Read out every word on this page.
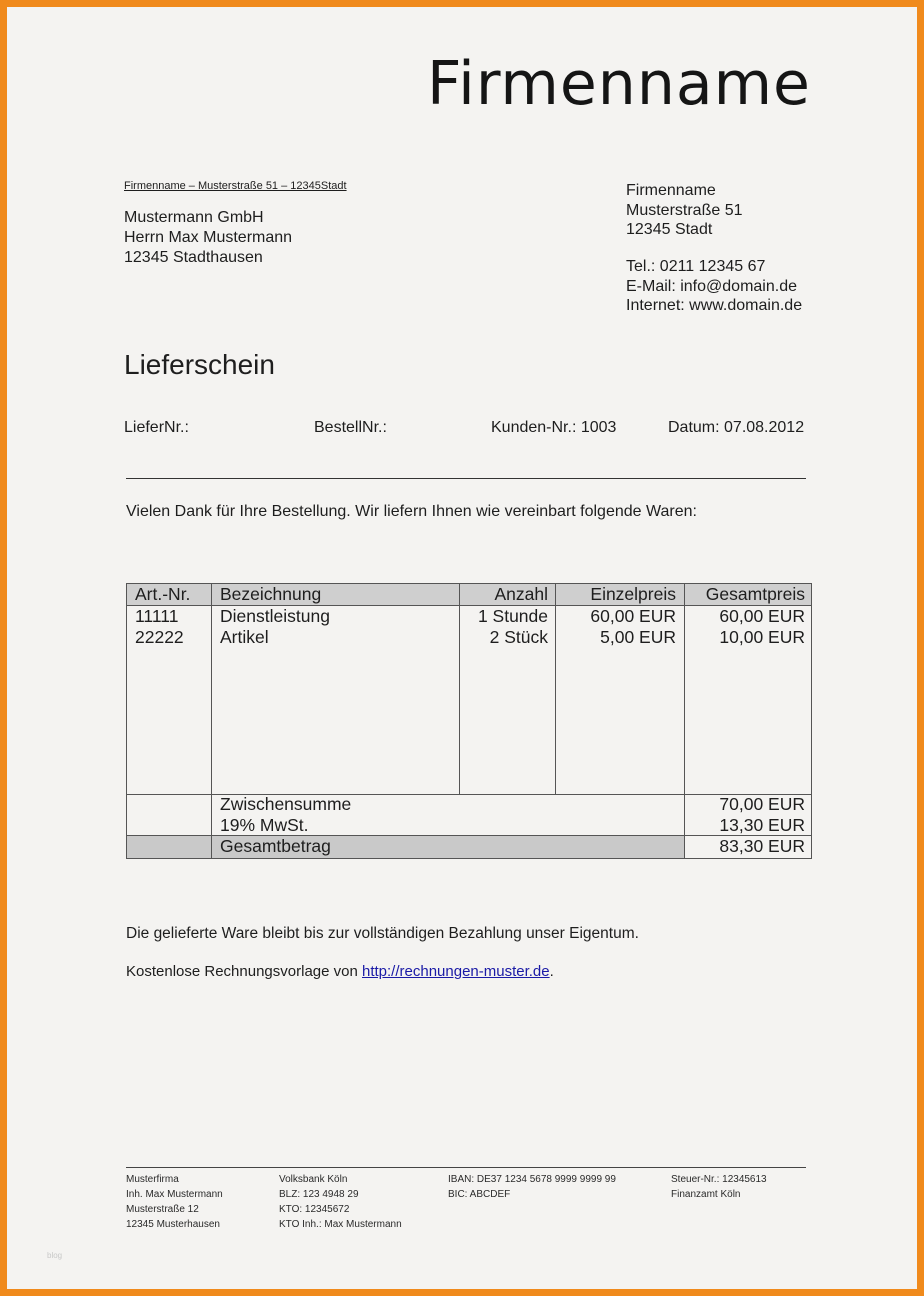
Firmenname
Firmenname – Musterstraße 51 – 12345Stadt
Mustermann GmbH
Herrn Max Mustermann
12345 Stadthausen
Firmenname
Musterstraße 51
12345 Stadt
Tel.: 0211 12345 67
E-Mail: info@domain.de
Internet: www.domain.de
Lieferschein
LieferNr.:	BestellNr.:	Kunden-Nr.: 1003	Datum: 07.08.2012
Vielen Dank für Ihre Bestellung. Wir liefern Ihnen wie vereinbart folgende Waren:
Art.-Nr. Bezeichnung	Anzahl	Einzelpreis	Gesamtpreis
11111 Dienstleistung	1 Stunde	60,00 EUR	60,00 EUR
22222 Artikel	2 Stück	5,00 EUR	10,00 EUR
Zwischensumme	70,00 EUR
19% MwSt.	13,30 EUR
Gesamtbetrag	83,30 EUR
Die gelieferte Ware bleibt bis zur vollständigen Bezahlung unser Eigentum.
Kostenlose Rechnungsvorlage von http://rechnungen-muster.de.
Musterfirma
Inh. Max Mustermann
Musterstraße 12
12345 Musterhausen
Volksbank Köln
BLZ: 123 4948 29
KTO: 12345672
KTO Inh.: Max Mustermann
IBAN: DE37 1234 5678 9999 9999 99
BIC: ABCDEF
Steuer-Nr.: 12345613
Finanzamt Köln
blog
